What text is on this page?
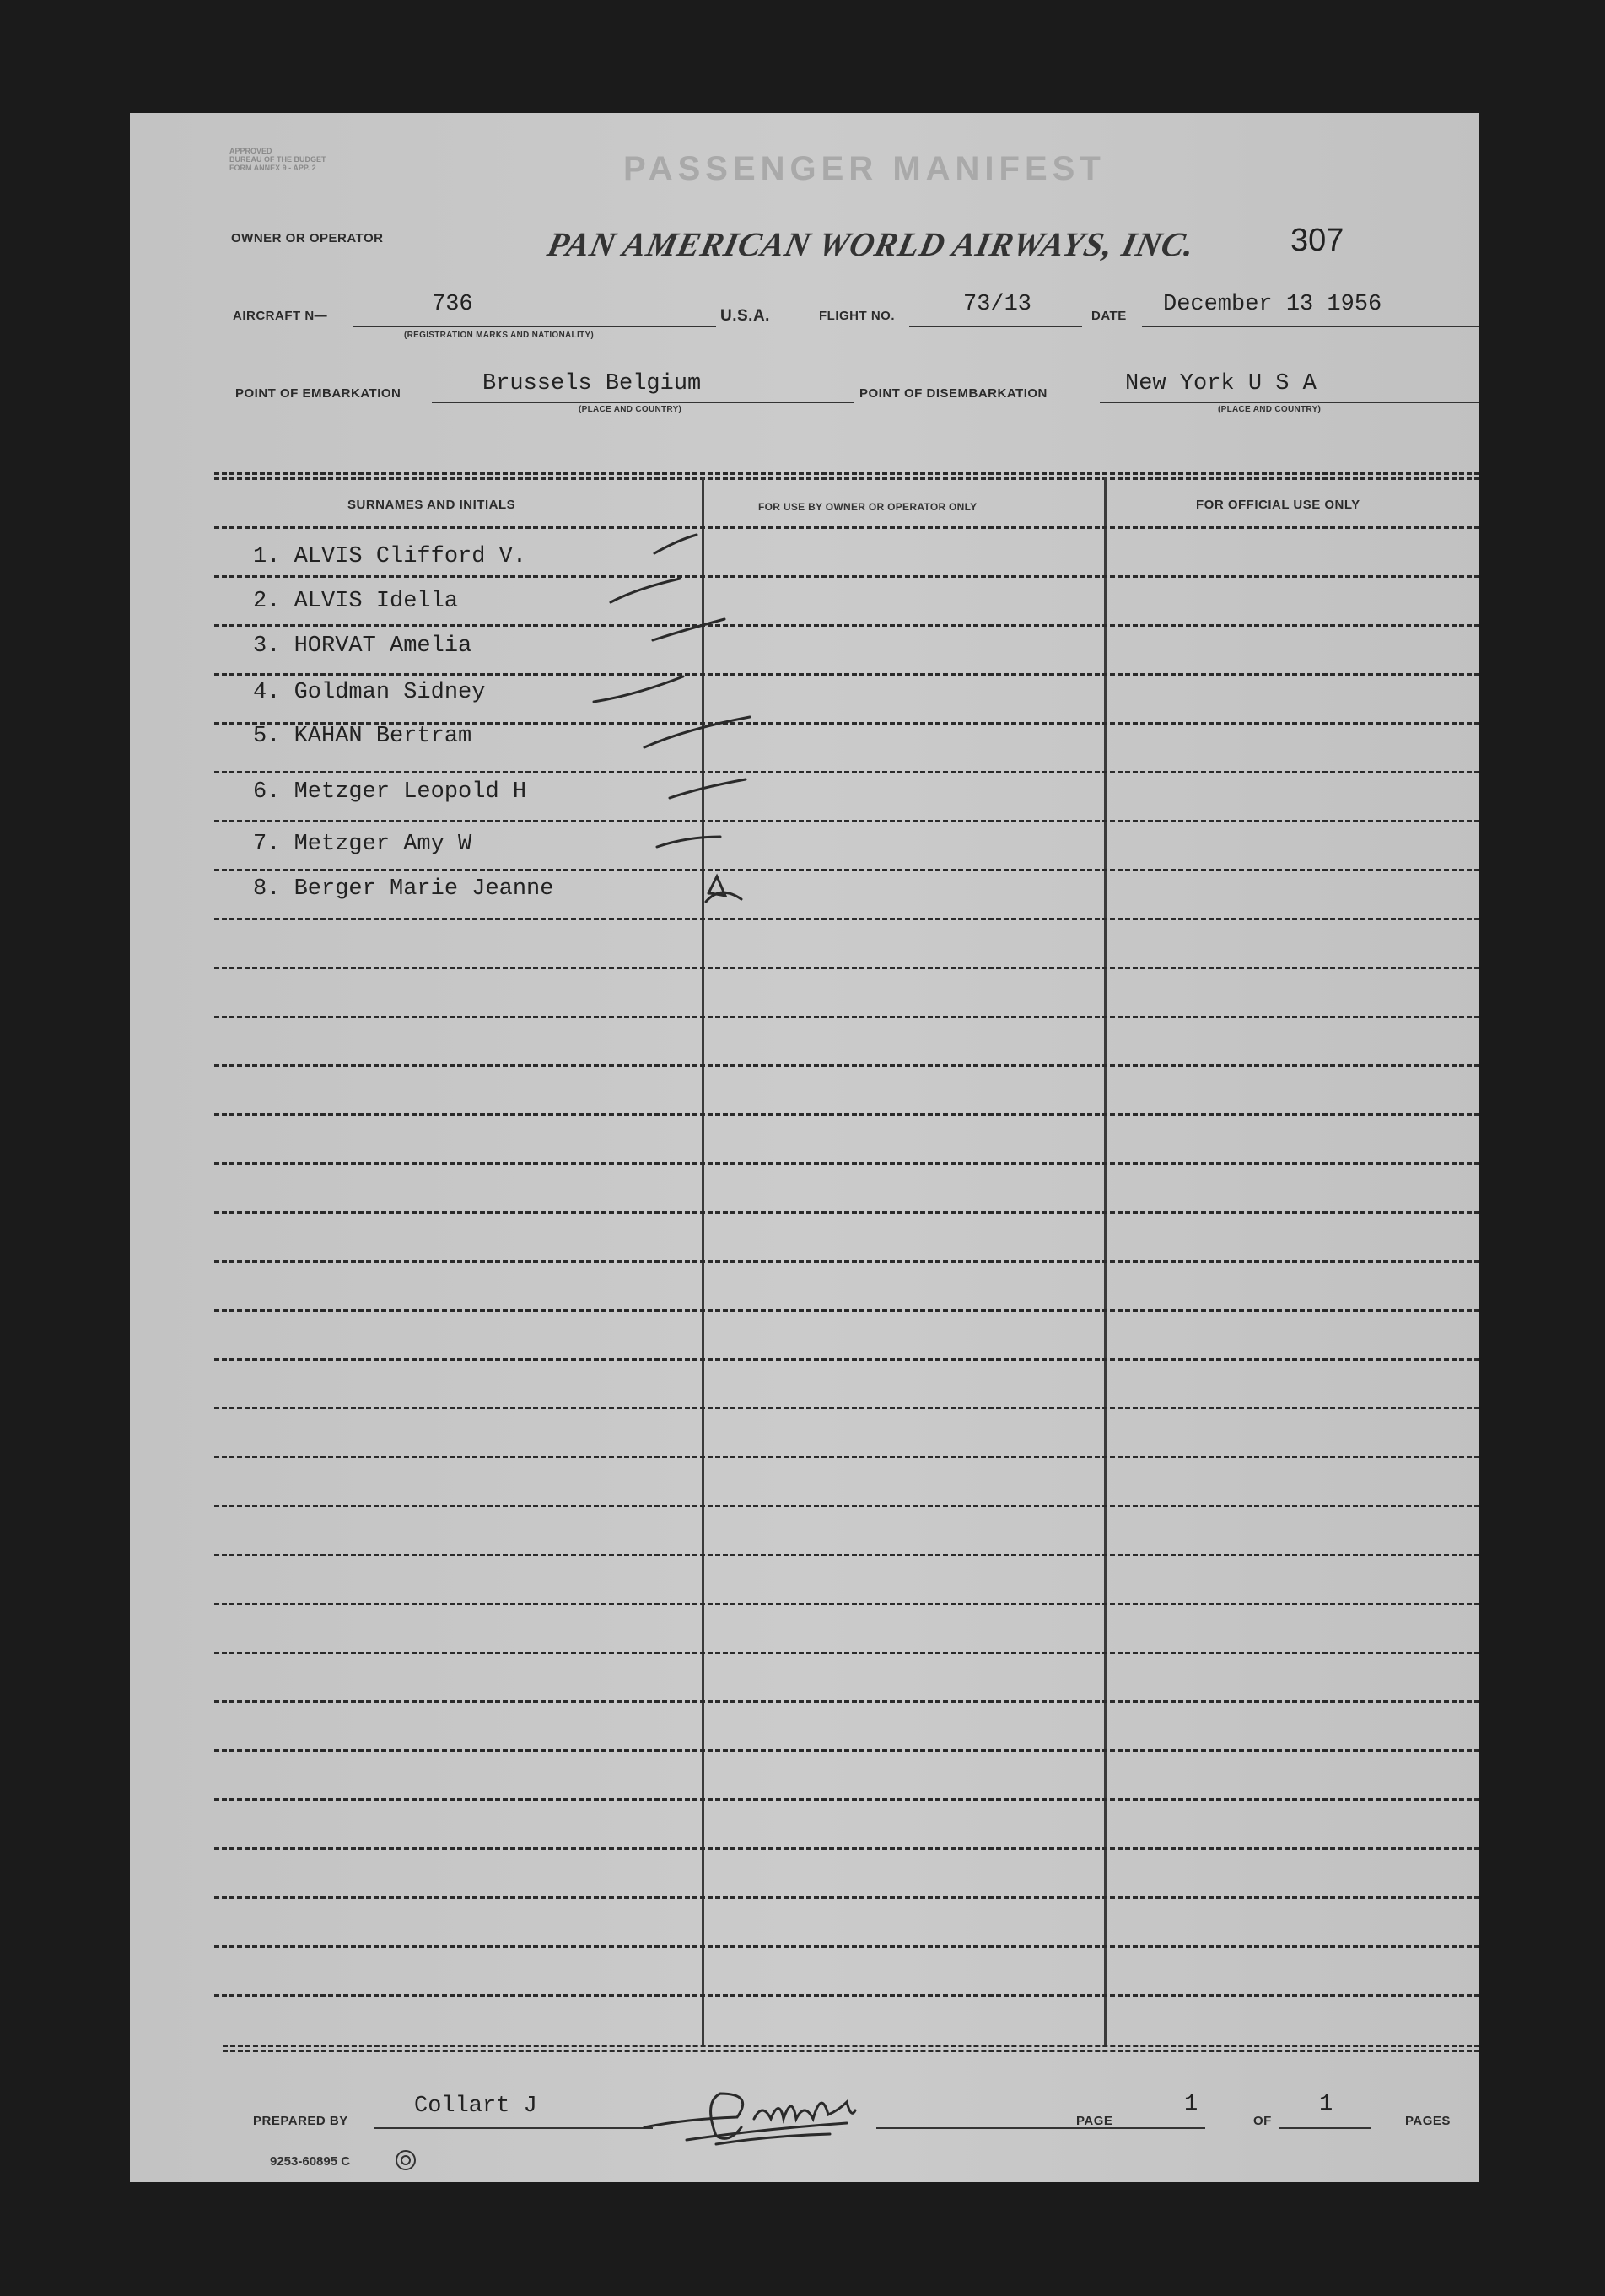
APPROVED
BUREAU OF THE BUDGET
FORM ANNEX 9 - APP. 2	PASSENGER MANIFEST
OWNER OR OPERATOR	PAN AMERICAN WORLD AIRWAYS, INC.	307
AIRCRAFT N—	736
(REGISTRATION MARKS AND NATIONALITY)
U.S.A.	FLIGHT NO.	73/13	DATE December 13 1956
POINT OF EMBARKATION	Brussels Belgium
(PLACE AND COUNTRY)
POINT OF DISEMBARKATION	New York U S A
(PLACE AND COUNTRY)
SURNAMES AND INITIALS	FOR USE BY OWNER OR OPERATOR ONLY	FOR OFFICIAL USE ONLY
1. ALVIS Clifford V.
2. ALVIS Idella
3. HORVAT Amelia
4. Goldman Sidney
5. KAHAN Bertram
6. Metzger Leopold H
7. Metzger Amy W
8. Berger Marie Jeanne
PREPARED BY
Collart J
PAGE
1
OF
1
PAGES
9253-60895 C
